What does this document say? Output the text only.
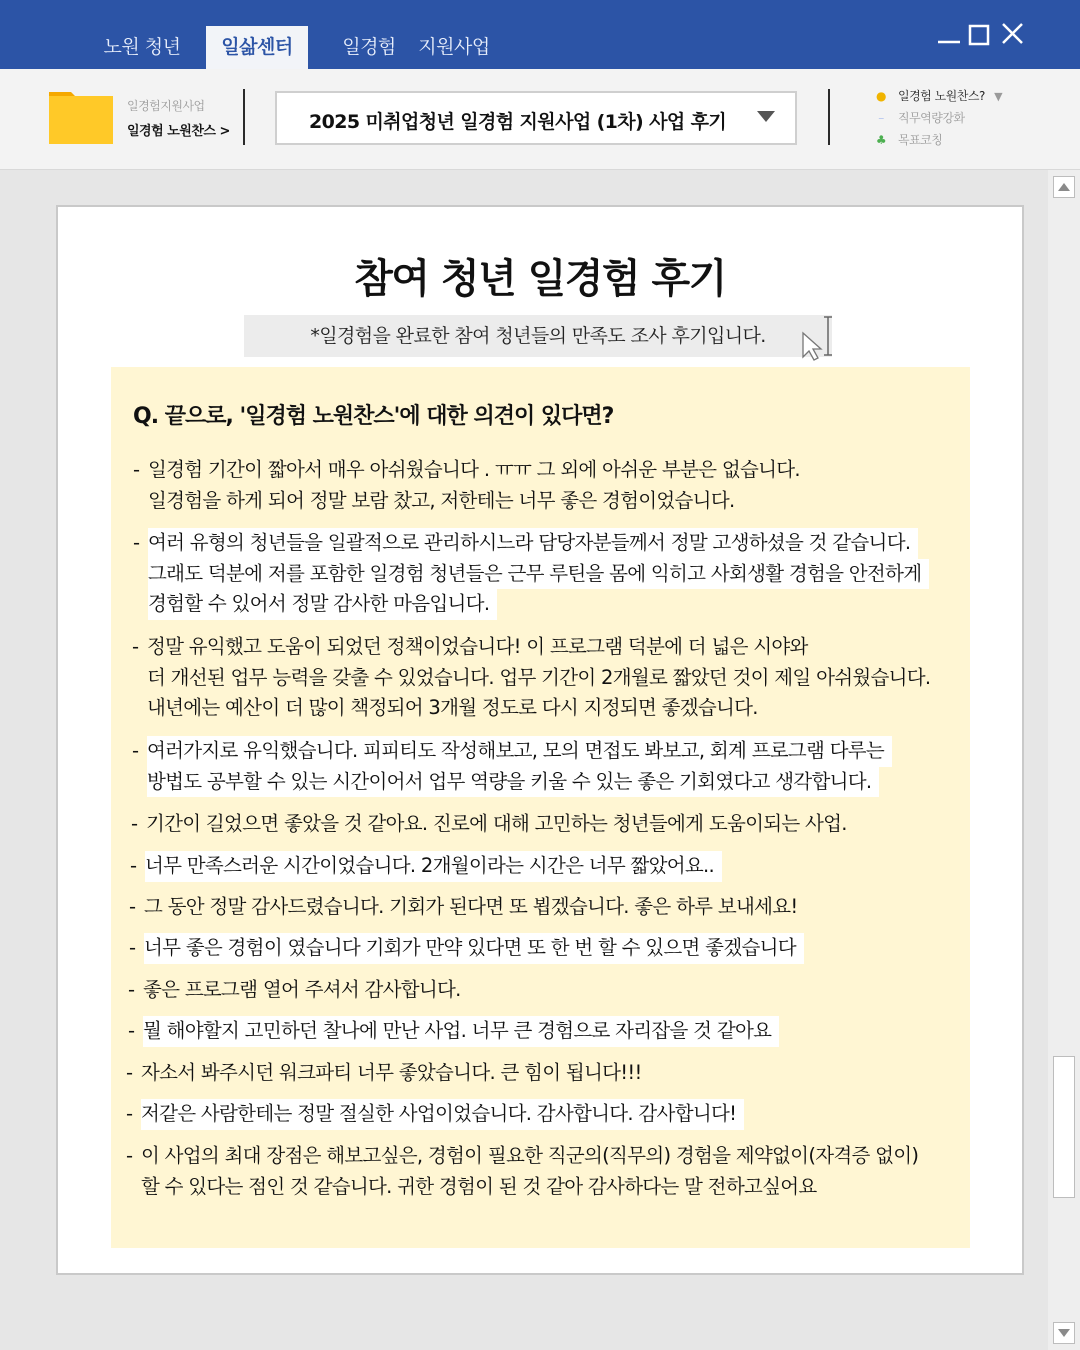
노원 청년	일삶센터	일경험	지원사업
일경험지원사업
일경험 노원찬스 >	2025 미취업청년 일경험 지원사업 (1차) 사업 후기
● 일경험 노원찬스? ▼
– 직무역량강화
♣ 목표코칭
참여 청년 일경험 후기
*일경험을 완료한 참여 청년들의 만족도 조사 후기입니다.
Q. 끝으로, '일경험 노원찬스'에 대한 의견이 있다면?
- 일경험 기간이 짧아서 매우 아쉬웠습니다 . ㅠㅠ 그 외에 아쉬운 부분은 없습니다.
일경험을 하게 되어 정말 보람 찼고, 저한테는 너무 좋은 경험이었습니다.
- 여러 유형의 청년들을 일괄적으로 관리하시느라 담당자분들께서 정말 고생하셨을 것 같습니다.
그래도 덕분에 저를 포함한 일경험 청년들은 근무 루틴을 몸에 익히고 사회생활 경험을 안전하게
경험할 수 있어서 정말 감사한 마음입니다.
- 정말 유익했고 도움이 되었던 정책이었습니다! 이 프로그램 덕분에 더 넓은 시야와
더 개선된 업무 능력을 갖출 수 있었습니다. 업무 기간이 2개월로 짧았던 것이 제일 아쉬웠습니다.
내년에는 예산이 더 많이 책정되어 3개월 정도로 다시 지정되면 좋겠습니다.
- 여러가지로 유익했습니다. 피피티도 작성해보고, 모의 면접도 봐보고, 회계 프로그램 다루는
방법도 공부할 수 있는 시간이어서 업무 역량을 키울 수 있는 좋은 기회였다고 생각합니다.
- 기간이 길었으면 좋았을 것 같아요. 진로에 대해 고민하는 청년들에게 도움이되는 사업.
- 너무 만족스러운 시간이었습니다. 2개월이라는 시간은 너무 짧았어요..
- 그 동안 정말 감사드렸습니다. 기회가 된다면 또 뵙겠습니다. 좋은 하루 보내세요!
- 너무 좋은 경험이 였습니다 기회가 만약 있다면 또 한 번 할 수 있으면 좋겠습니다
- 좋은 프로그램 열어 주셔서 감사합니다.
- 뭘 해야할지 고민하던 찰나에 만난 사업. 너무 큰 경험으로 자리잡을 것 같아요
- 자소서 봐주시던 워크파티 너무 좋았습니다. 큰 힘이 됩니다!!!
- 저같은 사람한테는 정말 절실한 사업이었습니다. 감사합니다. 감사합니다!
- 이 사업의 최대 장점은 해보고싶은, 경험이 필요한 직군의(직무의) 경험을 제약없이(자격증 없이)
할 수 있다는 점인 것 같습니다. 귀한 경험이 된 것 같아 감사하다는 말 전하고싶어요
